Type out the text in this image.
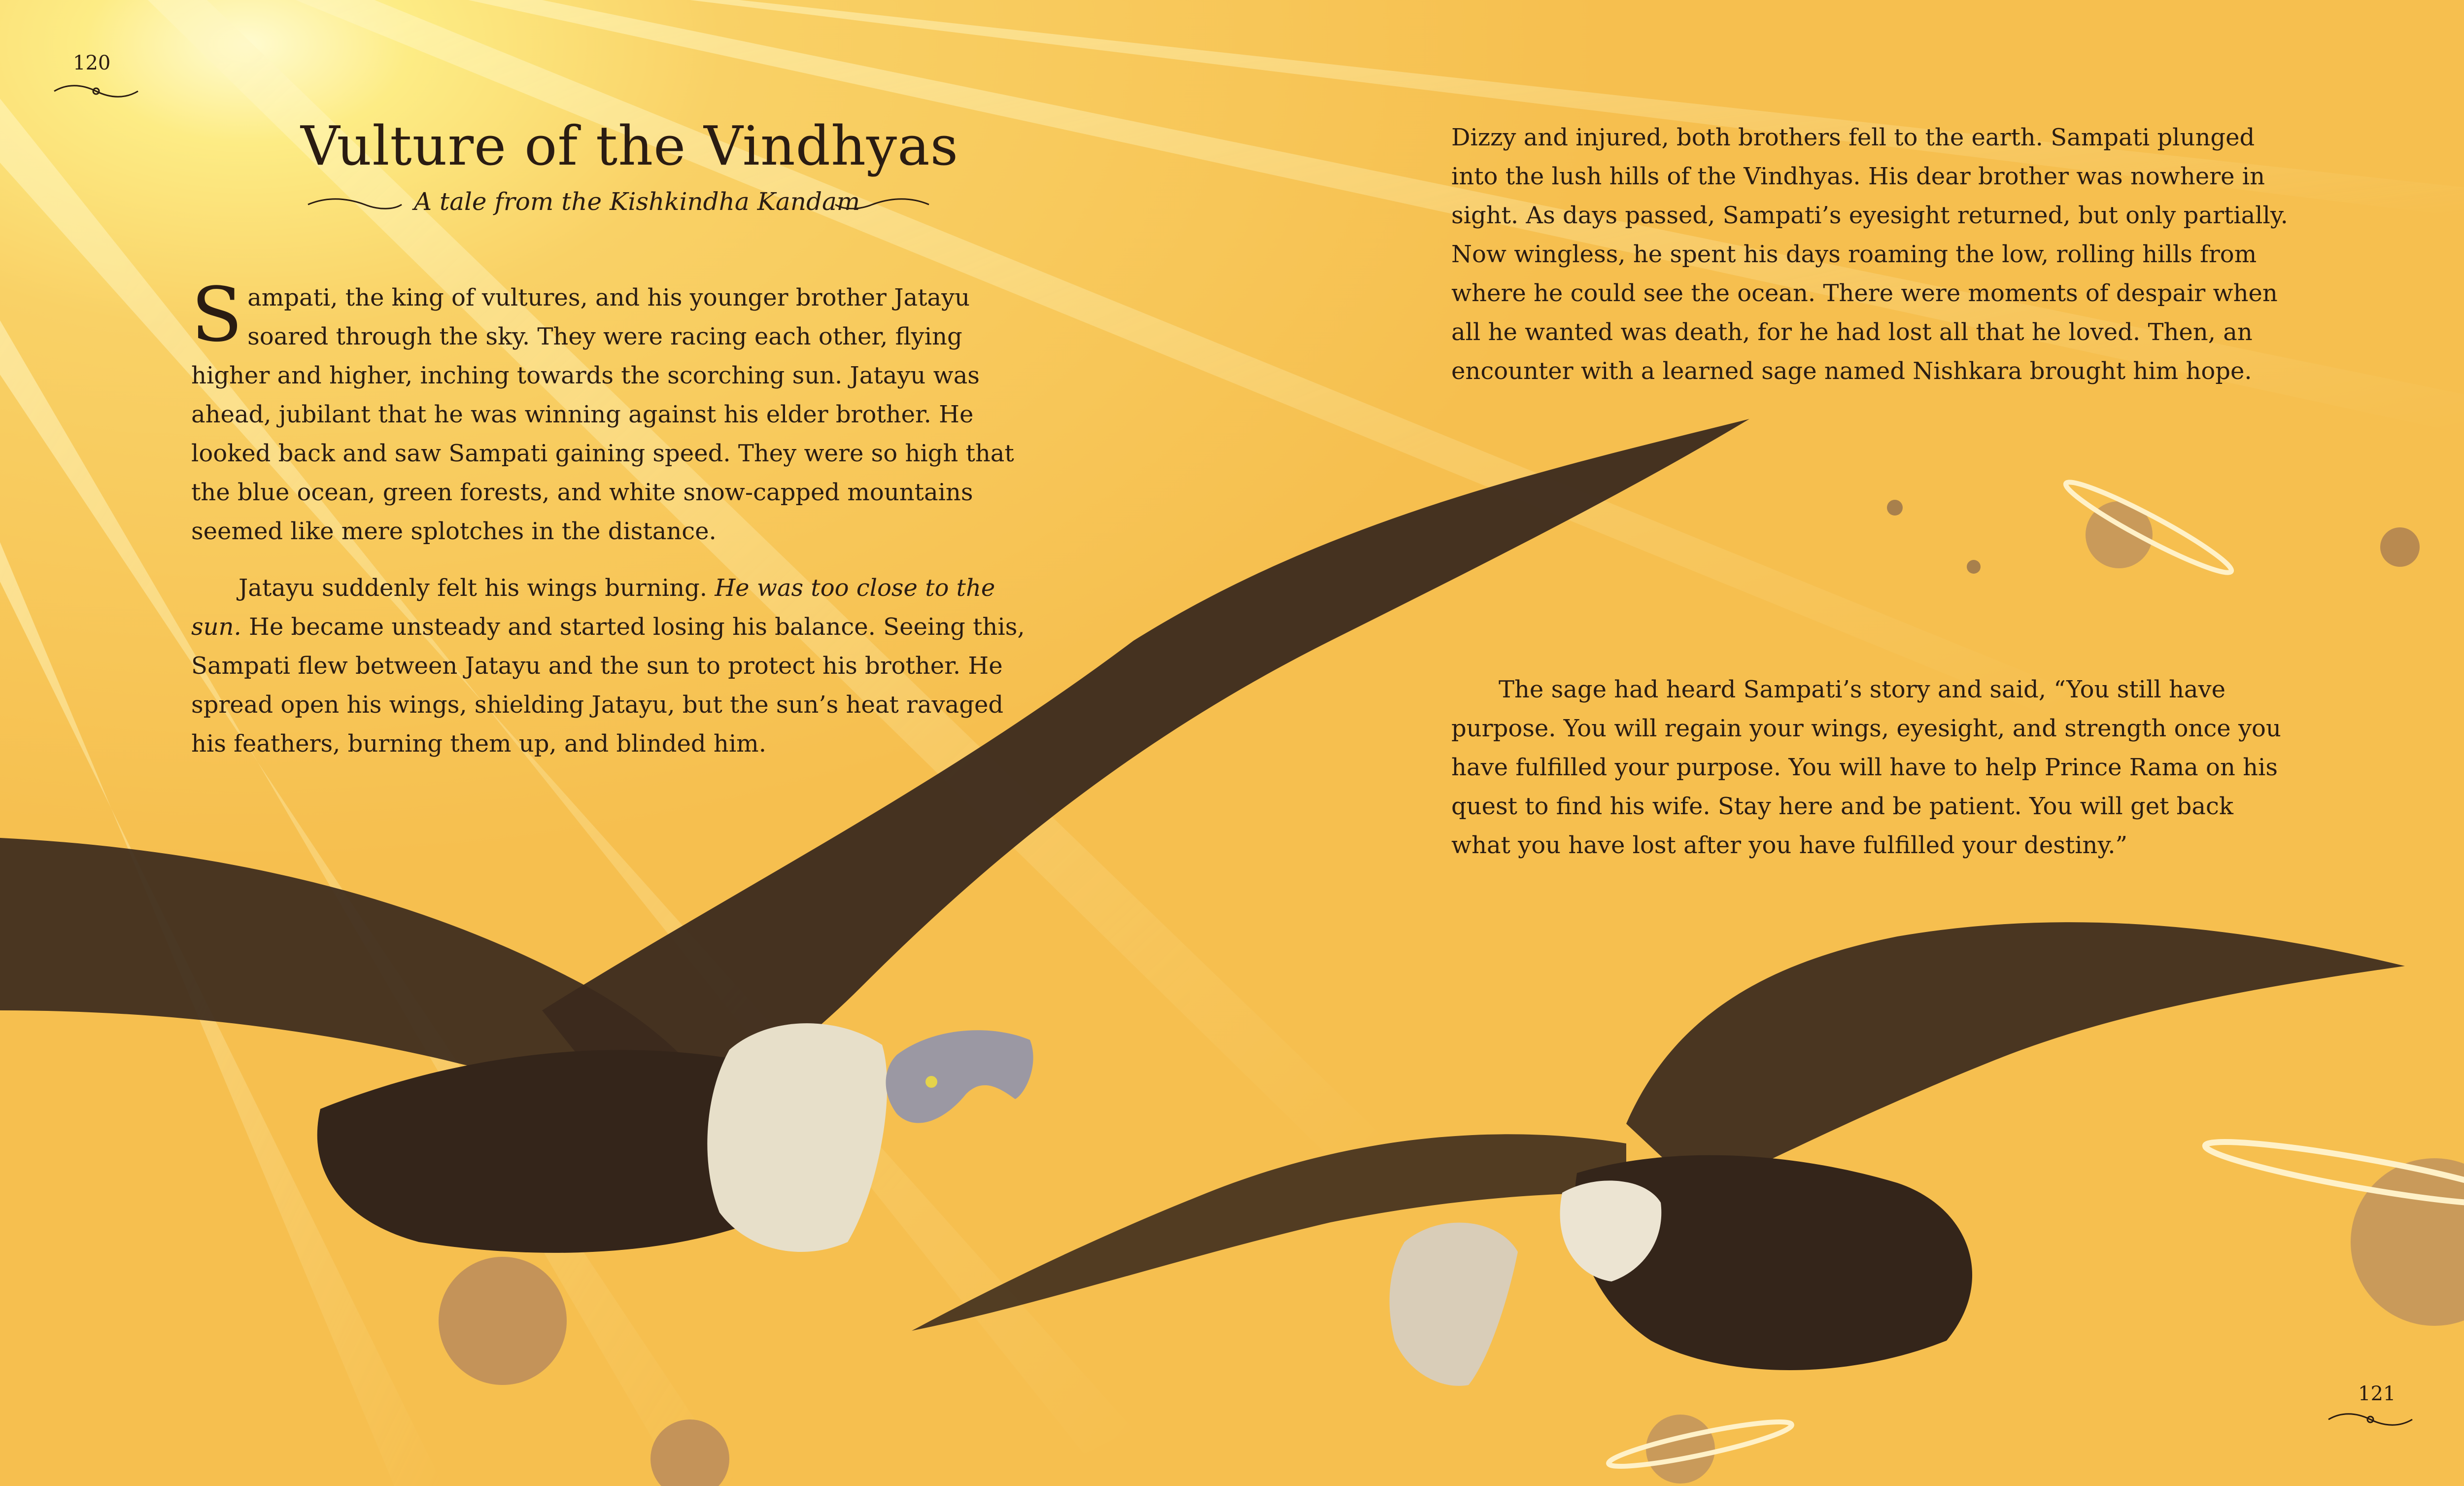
120
121
Vulture of the Vindhyas
A tale from the Kishkindha Kandam

Sampati, the king of vultures, and his younger brother Jatayu soared through the sky. They were racing each other, flying higher and higher, inching towards the scorching sun. Jatayu was ahead, jubilant that he was winning against his elder brother. He looked back and saw Sampati gaining speed. They were so high that the blue ocean, green forests, and white snow-capped mountains seemed like mere splotches in the distance.

Jatayu suddenly felt his wings burning. He was too close to the sun. He became unsteady and started losing his balance. Seeing this, Sampati flew between Jatayu and the sun to protect his brother. He spread open his wings, shielding Jatayu, but the sun’s heat ravaged his feathers, burning them up, and blinded him.

Dizzy and injured, both brothers fell to the earth. Sampati plunged into the lush hills of the Vindhyas. His dear brother was nowhere in sight. As days passed, Sampati’s eyesight returned, but only partially. Now wingless, he spent his days roaming the low, rolling hills from where he could see the ocean. There were moments of despair when all he wanted was death, for he had lost all that he loved. Then, an encounter with a learned sage named Nishkara brought him hope.

The sage had heard Sampati’s story and said, “You still have purpose. You will regain your wings, eyesight, and strength once you have fulfilled your purpose. You will have to help Prince Rama on his quest to find his wife. Stay here and be patient. You will get back what you have lost after you have fulfilled your destiny.”
